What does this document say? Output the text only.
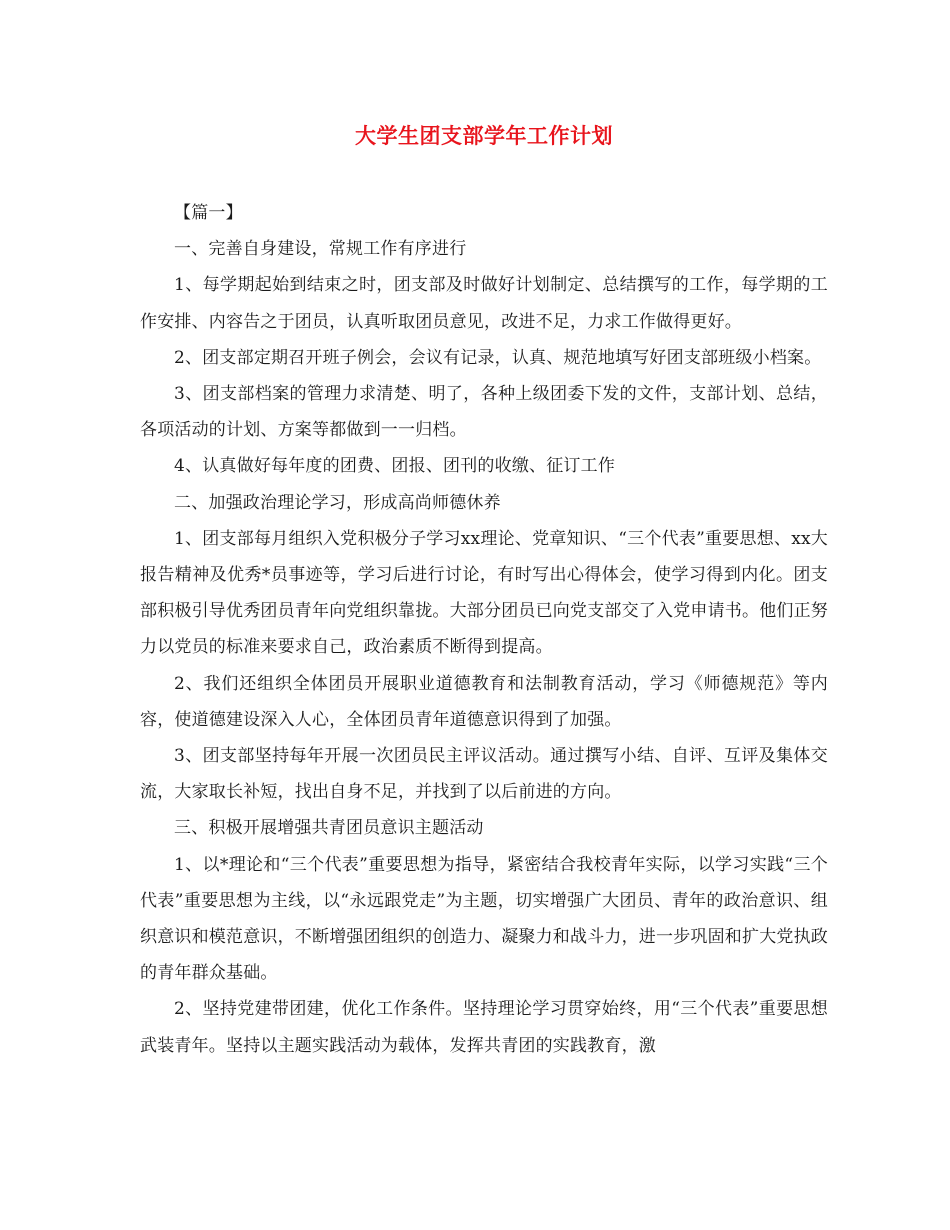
大学生团支部学年工作计划

【篇一】

一、完善自身建设，常规工作有序进行

1、每学期起始到结束之时，团支部及时做好计划制定、总结撰写的工作，每学期的工作安排、内容告之于团员，认真听取团员意见，改进不足，力求工作做得更好。

2、团支部定期召开班子例会，会议有记录，认真、规范地填写好团支部班级小档案。

3、团支部档案的管理力求清楚、明了，各种上级团委下发的文件，支部计划、总结，各项活动的计划、方案等都做到一一归档。

4、认真做好每年度的团费、团报、团刊的收缴、征订工作

二、加强政治理论学习，形成高尚师德休养

1、团支部每月组织入党积极分子学习xx理论、党章知识、“三个代表”重要思想、xx大报告精神及优秀*员事迹等，学习后进行讨论，有时写出心得体会，使学习得到内化。团支部积极引导优秀团员青年向党组织靠拢。大部分团员已向党支部交了入党申请书。他们正努力以党员的标准来要求自己，政治素质不断得到提高。

2、我们还组织全体团员开展职业道德教育和法制教育活动，学习《师德规范》等内容，使道德建设深入人心，全体团员青年道德意识得到了加强。

3、团支部坚持每年开展一次团员民主评议活动。通过撰写小结、自评、互评及集体交流，大家取长补短，找出自身不足，并找到了以后前进的方向。

三、积极开展增强共青团员意识主题活动

1、以*理论和“三个代表”重要思想为指导，紧密结合我校青年实际，以学习实践“三个代表”重要思想为主线，以“永远跟党走”为主题，切实增强广大团员、青年的政治意识、组织意识和模范意识，不断增强团组织的创造力、凝聚力和战斗力，进一步巩固和扩大党执政的青年群众基础。

2、坚持党建带团建，优化工作条件。坚持理论学习贯穿始终，用“三个代表”重要思想武装青年。坚持以主题实践活动为载体，发挥共青团的实践教育，激
